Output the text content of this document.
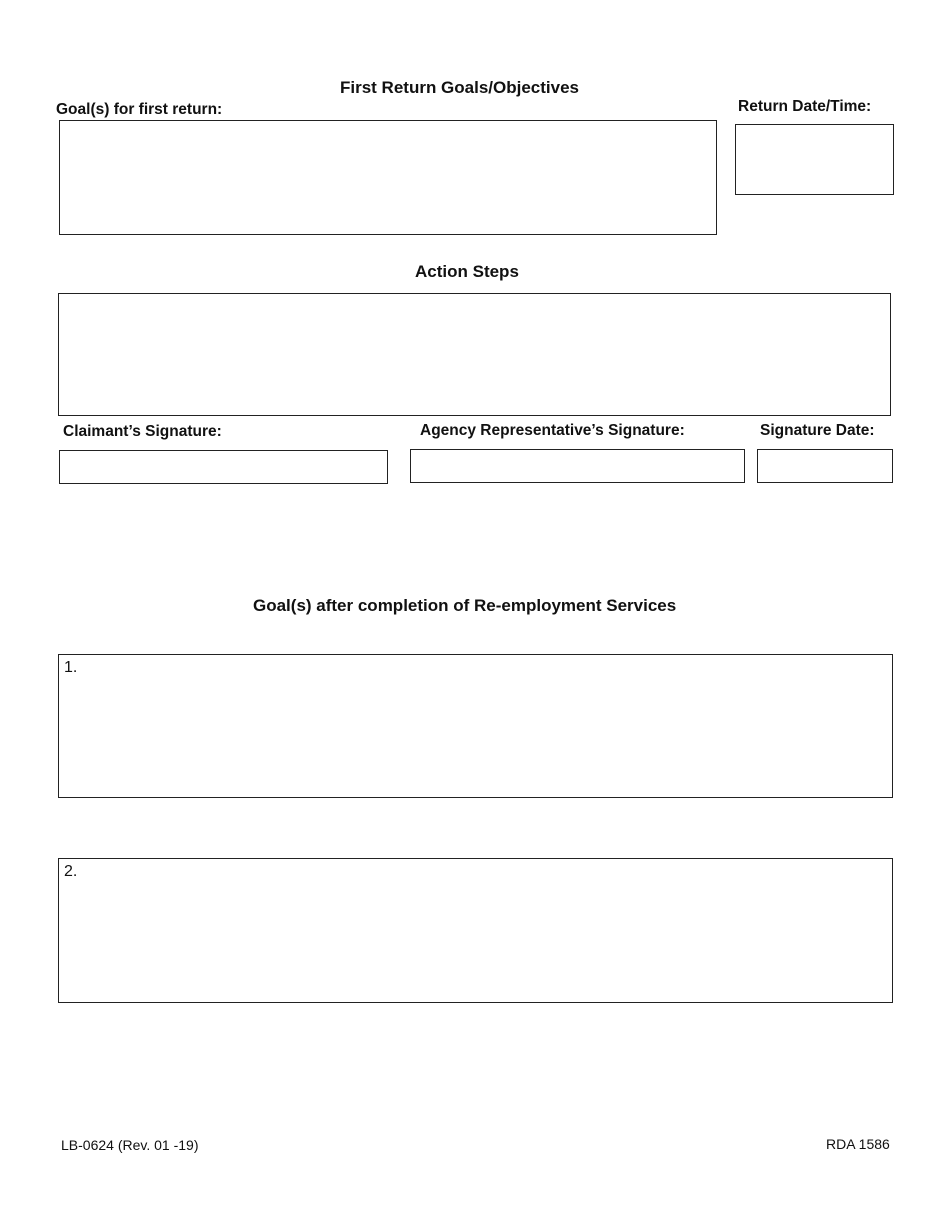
First Return Goals/Objectives
Goal(s) for first return:	Return Date/Time:
Action Steps
Claimant’s Signature:	Agency Representative’s Signature:	Signature Date:
Goal(s) after completion of Re-employment Services
1.
2.
LB-0624 (Rev. 01 -19)	RDA 1586
